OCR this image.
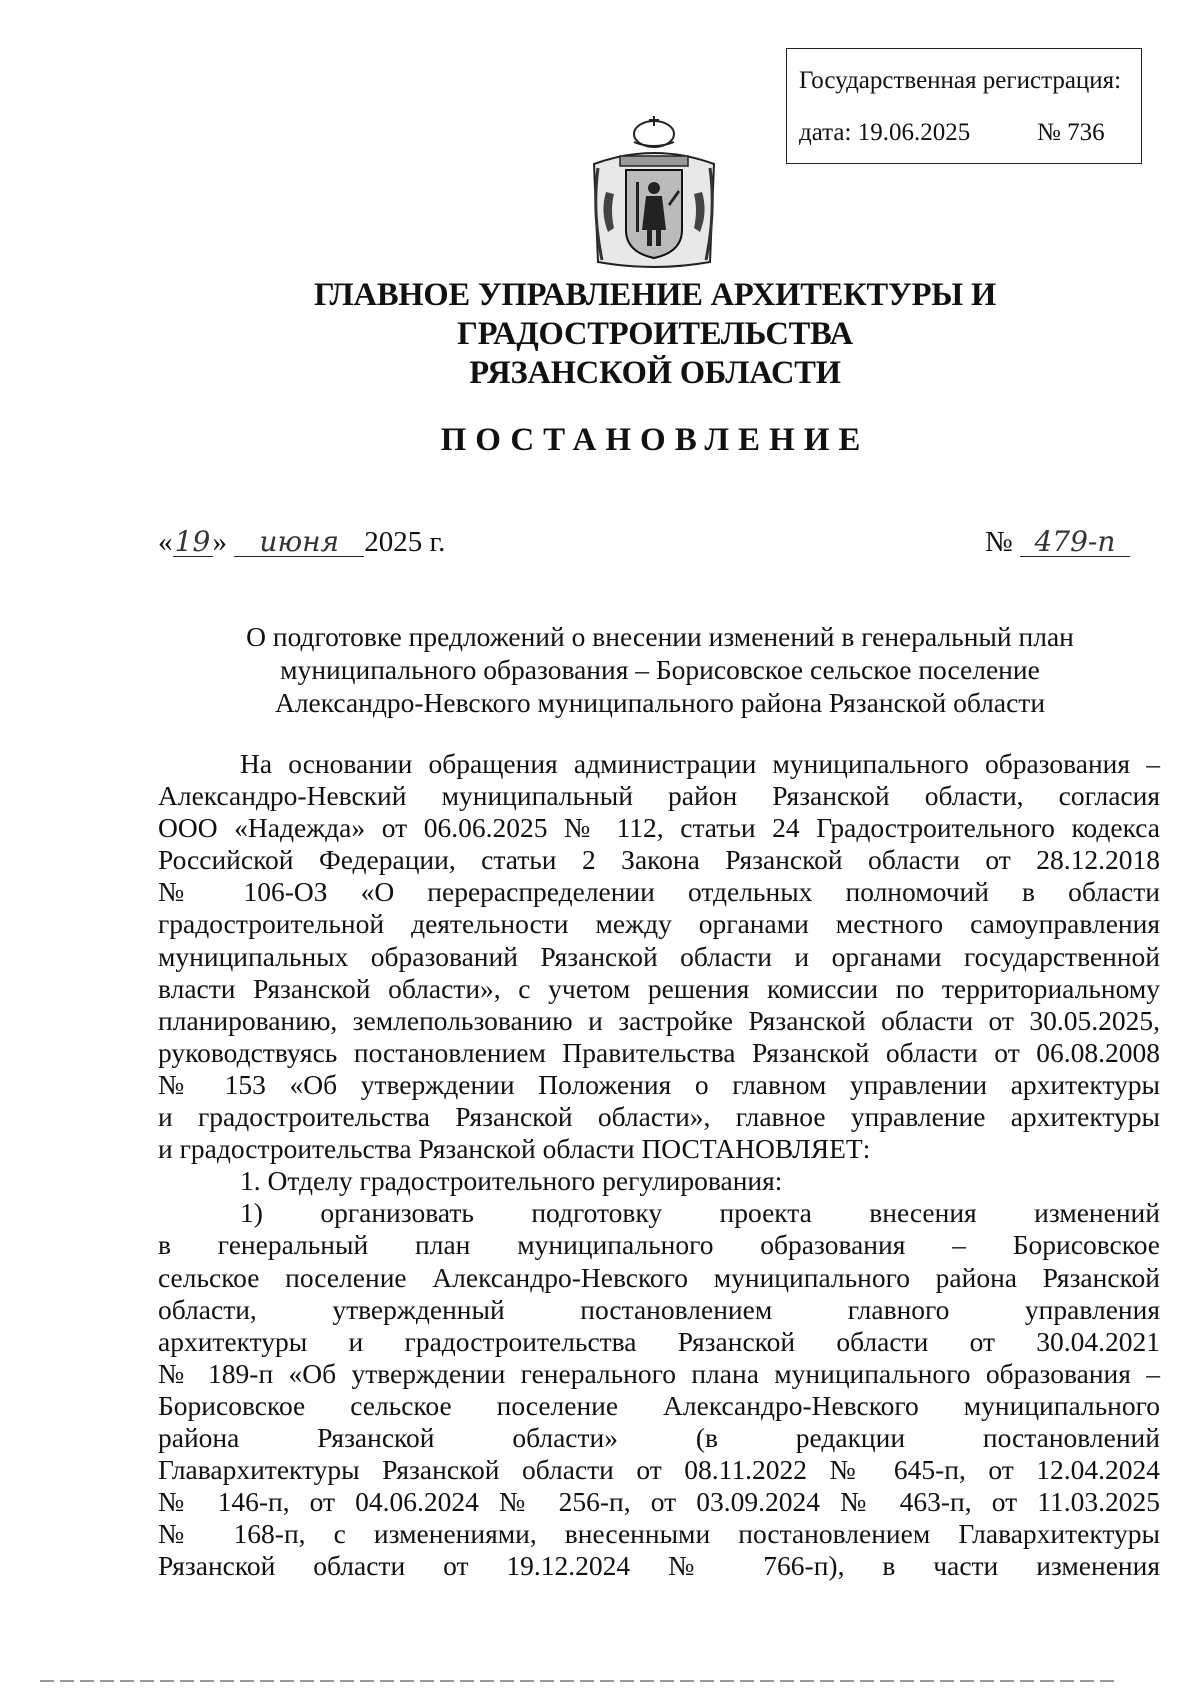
Государственная регистрация:
дата: 19.06.2025	№ 736
ГЛАВНОЕ УПРАВЛЕНИЕ АРХИТЕКТУРЫ И ГРАДОСТРОИТЕЛЬСТВА
РЯЗАНСКОЙ ОБЛАСТИ
ПОСТАНОВЛЕНИЕ
«19» июня 2025 г.	№ 479-п
О подготовке предложений о внесении изменений в генеральный план
муниципального образования – Борисовское сельское поселение
Александро-Невского муниципального района Рязанской области
На основании обращения администрации муниципального образования –
Александро-Невский муниципальный район Рязанской области, согласия
ООО «Надежда» от 06.06.2025 № 112, статьи 24 Градостроительного кодекса
Российской Федерации, статьи 2 Закона Рязанской области от 28.12.2018
№ 106-ОЗ «О перераспределении отдельных полномочий в области
градостроительной деятельности между органами местного самоуправления
муниципальных образований Рязанской области и органами государственной
власти Рязанской области», с учетом решения комиссии по территориальному
планированию, землепользованию и застройке Рязанской области от 30.05.2025,
руководствуясь постановлением Правительства Рязанской области от 06.08.2008
№ 153 «Об утверждении Положения о главном управлении архитектуры
и градостроительства Рязанской области», главное управление архитектуры
и градостроительства Рязанской области ПОСТАНОВЛЯЕТ:
1. Отделу градостроительного регулирования:
1) организовать подготовку проекта внесения изменений
в генеральный план муниципального образования – Борисовское
сельское поселение Александро-Невского муниципального района Рязанской
области, утвержденный постановлением главного управления
архитектуры и градостроительства Рязанской области от 30.04.2021
№ 189-п «Об утверждении генерального плана муниципального образования –
Борисовское сельское поселение Александро-Невского муниципального
района Рязанской области» (в редакции постановлений
Главархитектуры Рязанской области от 08.11.2022 № 645-п, от 12.04.2024
№ 146-п, от 04.06.2024 № 256-п, от 03.09.2024 № 463-п, от 11.03.2025
№ 168-п, с изменениями, внесенными постановлением Главархитектуры
Рязанской области от 19.12.2024 № 766-п), в части изменения
